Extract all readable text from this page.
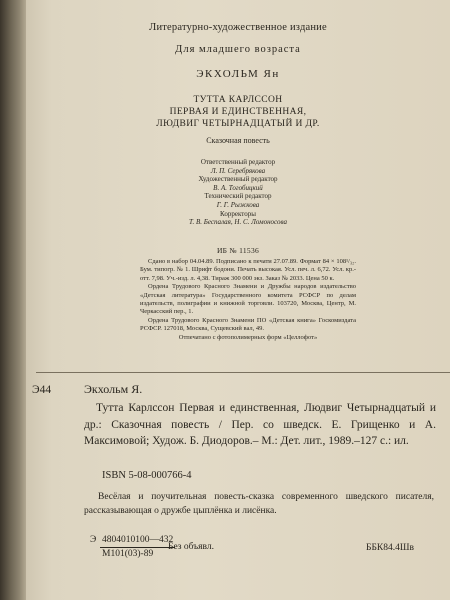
Литературно-художественное издание
Для младшего возраста
ЭКХОЛЬМ Ян
ТУТТА КАРЛССОН
ПЕРВАЯ И ЕДИНСТВЕННАЯ,
ЛЮДВИГ ЧЕТЫРНАДЦАТЫЙ И ДР.
Сказочная повесть
Ответственный редактор
Л. П. Серебрякова
Художественный редактор
В. А. Тогобицкий
Технический редактор
Г. Г. Рыжкова
Корректоры
Т. В. Беспалая, Н. С. Ломоносова
ИБ № 11536

Сдано в набор 04.04.89. Подписано к печати 27.07.89. Формат 84 × 108¹/₃₂. Бум. типогр. № 1. Шрифт бодони. Печать высокая. Усл. печ. л. 6,72. Усл. кр.-отт. 7,98. Уч.-изд. л. 4,38. Тираж 300 000 экз. Заказ № 2033. Цена 50 к.

Ордена Трудового Красного Знамени и Дружбы народов издательство «Детская литература» Государственного комитета РСФСР по делам издательств, полиграфии и книжной торговли. 103720, Москва, Центр, М. Черкасский пер., 1.

Ордена Трудового Красного Знамени ПО «Детская книга» Госкомиздата РСФСР. 127018, Москва, Сущевский вал, 49.

Отпечатано с фотополимерных форм «Целлофот»

Э44	Экхольм Я.
Тутта Карлссон Первая и единственная, Людвиг Четырнадцатый и др.: Сказочная повесть / Пер. со шведск. Е. Грищенко и А. Максимовой; Худож. Б. Диодоров.– М.: Дет. лит., 1989.–127 с.: ил.
ISBN 5-08-000766-4
Весёлая и поучительная повесть-сказка современного шведского писателя, рассказывающая о дружбе цыплёнка и лисёнка.
Э 4804010100—432
М101(03)-89
Без объявл.	ББК84.4Шв
